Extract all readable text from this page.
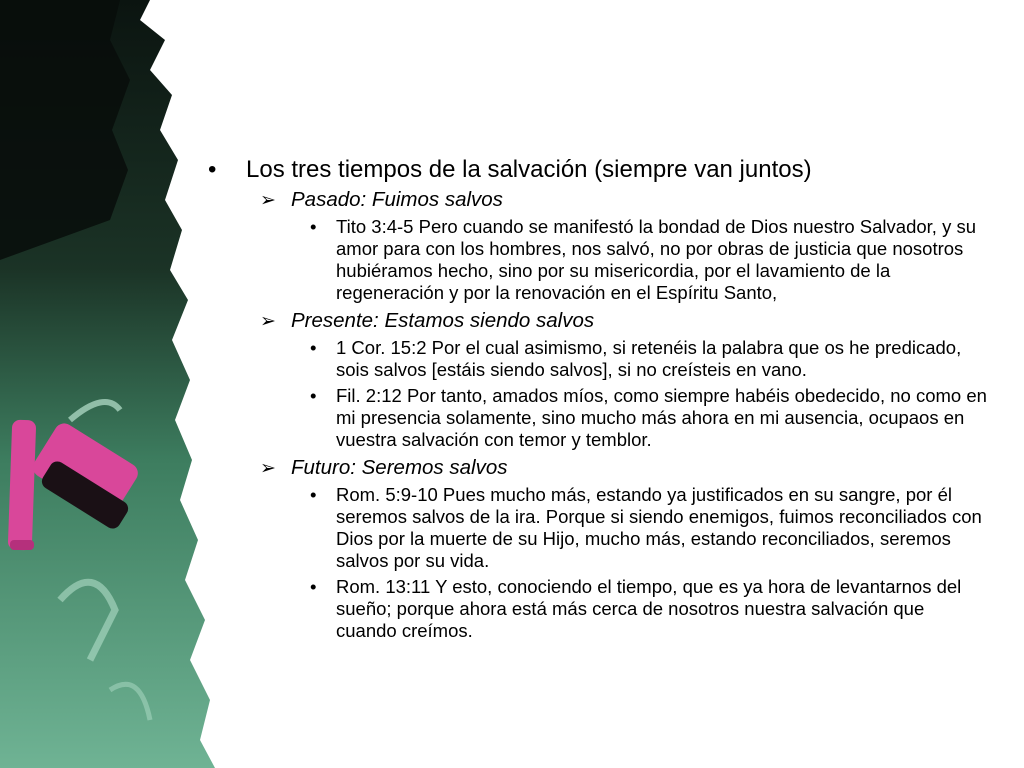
• Los tres tiempos de la salvación (siempre van juntos)
➢ Pasado: Fuimos salvos
• Tito 3:4-5 Pero cuando se manifestó la bondad de Dios nuestro Salvador, y su amor para con los hombres, nos salvó, no por obras de justicia que nosotros hubiéramos hecho, sino por su misericordia, por el lavamiento de la regeneración y por la renovación en el Espíritu Santo,
➢ Presente: Estamos siendo salvos
• 1 Cor. 15:2 Por el cual asimismo, si retenéis la palabra que os he predicado, sois salvos [estáis siendo salvos], si no creísteis en vano.
• Fil. 2:12 Por tanto, amados míos, como siempre habéis obedecido, no como en mi presencia solamente, sino mucho más ahora en mi ausencia, ocupaos en vuestra salvación con temor y temblor.
➢ Futuro: Seremos salvos
• Rom. 5:9-10 Pues mucho más, estando ya justificados en su sangre, por él seremos salvos de la ira. Porque si siendo enemigos, fuimos reconciliados con Dios por la muerte de su Hijo, mucho más, estando reconciliados, seremos salvos por su vida.
• Rom. 13:11 Y esto, conociendo el tiempo, que es ya hora de levantarnos del sueño; porque ahora está más cerca de nosotros nuestra salvación que cuando creímos.
